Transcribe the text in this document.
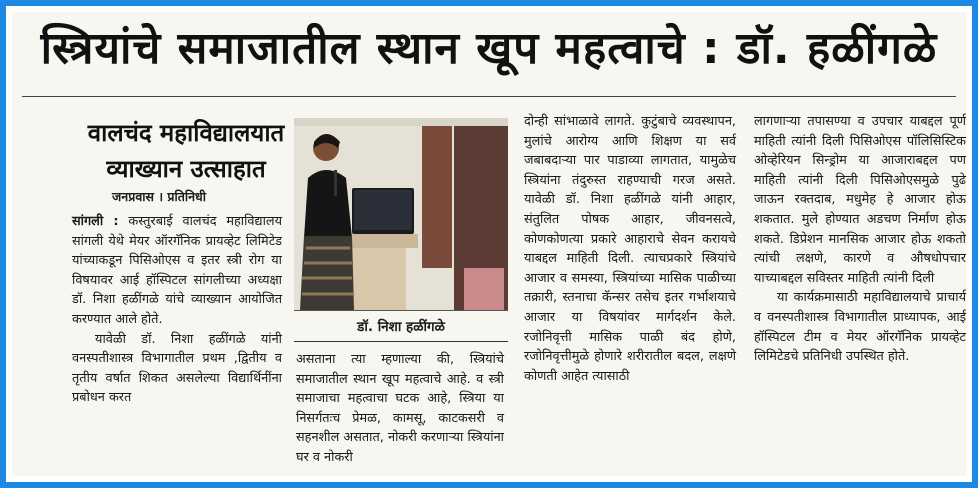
स्त्रियांचे समाजातील स्थान खूप महत्वाचे : डॉ. हळींगळे
वालचंद महाविद्यालयात
व्याख्यान उत्साहात
जनप्रवास । प्रतिनिधी

सांगली : कस्तुरबाई वालचंद महाविद्यालय सांगली येथे मेयर ऑरगॅनिक प्रायव्हेट लिमिटेड यांच्याकडून पिसिओएस व इतर स्त्री रोग या विषयावर आई हॉस्पिटल सांगलीच्या अध्यक्षा डॉ. निशा हळींगळे यांचे व्याख्यान आयोजित करण्यात आले होते.

यावेळी डॉ. निशा हळींगळे यांनी वनस्पतीशास्त्र विभागातील प्रथम ,द्वितीय व तृतीय वर्षात शिकत असलेल्या विद्यार्थिनींना प्रबोधन करत

डॉ. निशा हळींगळे

असताना त्या म्हणाल्या की, स्त्रियांचे समाजातील स्थान खूप महत्वाचे आहे. व स्त्री समाजाचा महत्वाचा घटक आहे, स्त्रिया या निसर्गतःच प्रेमळ, कामसू, काटकसरी व सहनशील असतात, नोकरी करणाऱ्या स्त्रियांना घर व नोकरी

दोन्ही सांभाळावे लागते. कुटुंबाचे व्यवस्थापन, मुलांचे आरोग्य आणि शिक्षण या सर्व जबाबदाऱ्या पार पाडाव्या लागतात, यामुळेच स्त्रियांना तंदुरुस्त राहण्याची गरज असते. यावेळी डॉ. निशा हळींगळे यांनी आहार, संतुलित पोषक आहार, जीवनसत्वे, कोणकोणत्या प्रकारे आहाराचे सेवन करायचे याबद्दल माहिती दिली. त्याचप्रकारे स्त्रियांचे आजार व समस्या, स्त्रियांच्या मासिक पाळीच्या तक्रारी, स्तनाचा कॅन्सर तसेच इतर गर्भाशयाचे आजार या विषयांवर मार्गदर्शन केले. रजोनिवृत्ती मासिक पाळी बंद होणे, रजोनिवृत्तीमुळे होणारे शरीरातील बदल, लक्षणे कोणती आहेत त्यासाठी

लागणाऱ्या तपासण्या व उपचार याबद्दल पूर्ण माहिती त्यांनी दिली पिसिओएस पॉलिसिस्टिक ओव्हेरियन सिन्ड्रोम या आजाराबद्दल पण माहिती त्यांनी दिली पिसिओएसमुळे पुढे जाऊन रक्तदाब, मधुमेह हे आजार होऊ शकतात. मुले होण्यात अडचण निर्माण होऊ शकते. डिप्रेशन मानसिक आजार होऊ शकतो त्यांची लक्षणे, कारणे व औषधोपचार याच्याबद्दल सविस्तर माहिती त्यांनी दिली

या कार्यक्रमासाठी महाविद्यालयाचे प्राचार्य व वनस्पतीशास्त्र विभागातील प्राध्यापक, आई हॉस्पिटल टीम व मेयर ऑरगॅनिक प्रायव्हेट लिमिटेडचे प्रतिनिधी उपस्थित होते.
